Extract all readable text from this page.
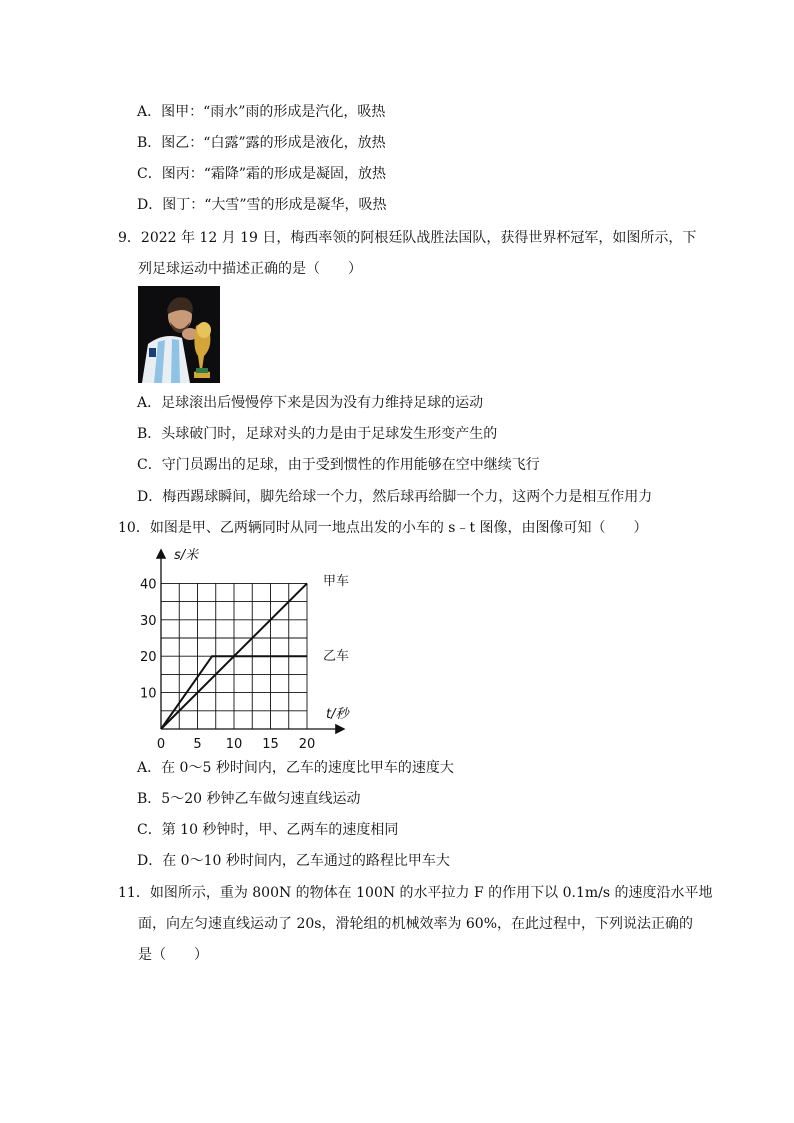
A．图甲：“雨水”雨的形成是汽化，吸热
B．图乙：“白露”露的形成是液化，放热
C．图丙：“霜降”霜的形成是凝固，放热
D．图丁：“大雪”雪的形成是凝华，吸热
9．2022 年 12 月 19 日，梅西率领的阿根廷队战胜法国队，获得世界杯冠军，如图所示，下
列足球运动中描述正确的是（　　）
A．足球滚出后慢慢停下来是因为没有力维持足球的运动
B．头球破门时，足球对头的力是由于足球发生形变产生的
C．守门员踢出的足球，由于受到惯性的作用能够在空中继续飞行
D．梅西踢球瞬间，脚先给球一个力，然后球再给脚一个力，这两个力是相互作用力
10．如图是甲、乙两辆同时从同一地点出发的小车的 s﹣t 图像，由图像可知（　　）
0 5 10 15 20
10
20
30
40
s/米
t/秒
甲车
乙车
A．在 0～5 秒时间内，乙车的速度比甲车的速度大
B．5～20 秒钟乙车做匀速直线运动
C．第 10 秒钟时，甲、乙两车的速度相同
D．在 0～10 秒时间内，乙车通过的路程比甲车大
11．如图所示，重为 800N 的物体在 100N 的水平拉力 F 的作用下以 0.1m/s 的速度沿水平地
面，向左匀速直线运动了 20s，滑轮组的机械效率为 60%，在此过程中，下列说法正确的
是（　　）
